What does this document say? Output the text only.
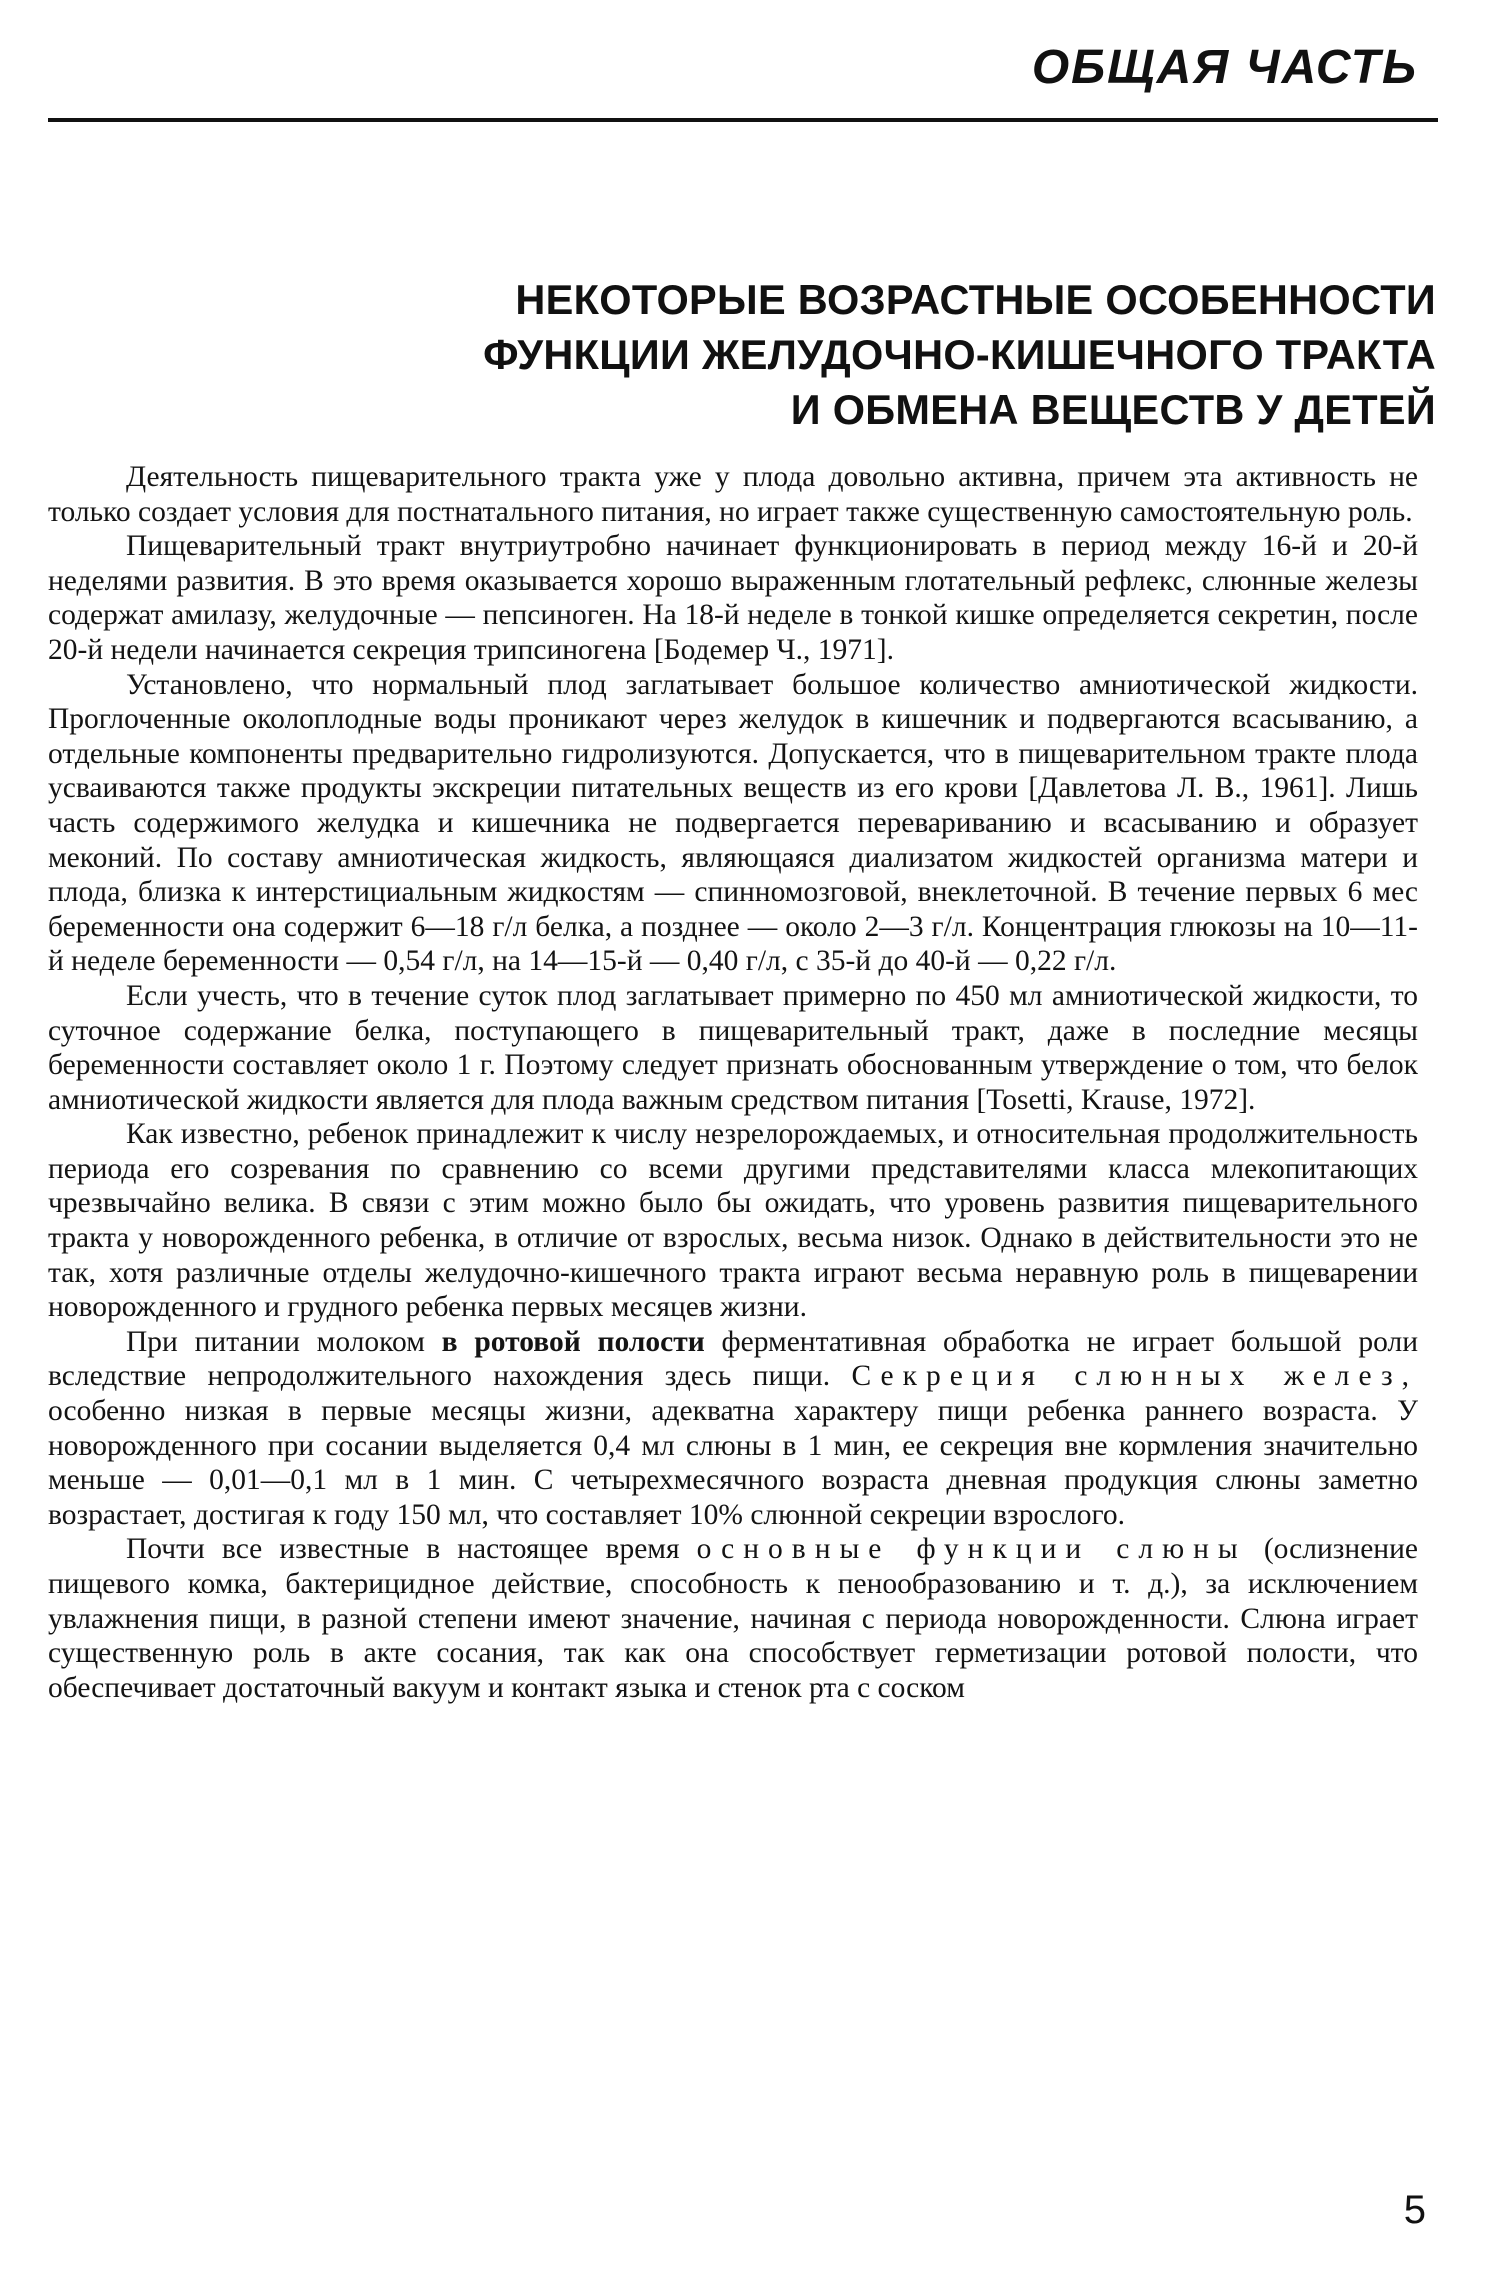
ОБЩАЯ ЧАСТЬ
НЕКОТОРЫЕ ВОЗРАСТНЫЕ ОСОБЕННОСТИ
ФУНКЦИИ ЖЕЛУДОЧНО-КИШЕЧНОГО ТРАКТА
И ОБМЕНА ВЕЩЕСТВ У ДЕТЕЙ

Деятельность пищеварительного тракта уже у плода довольно активна, причем эта активность не только создает условия для постнатального питания, но играет также существенную самостоятельную роль.

Пищеварительный тракт внутриутробно начинает функционировать в период между 16-й и 20-й неделями развития. В это время оказывается хорошо выраженным глотательный рефлекс, слюнные железы содержат амилазу, желудочные — пепсиноген. На 18-й неделе в тонкой кишке определяется секретин, после 20-й недели начинается секреция трипсиногена [Бодемер Ч., 1971].

Установлено, что нормальный плод заглатывает большое количество амниотической жидкости. Проглоченные околоплодные воды проникают через желудок в кишечник и подвергаются всасыванию, а отдельные компоненты предварительно гидролизуются. Допускается, что в пищеварительном тракте плода усваиваются также продукты экскреции питательных веществ из его крови [Давлетова Л. В., 1961]. Лишь часть содержимого желудка и кишечника не подвергается перевариванию и всасыванию и образует меконий. По составу амниотическая жидкость, являющаяся диализатом жидкостей организма матери и плода, близка к интерстициальным жидкостям — спинномозговой, внеклеточной. В течение первых 6 мес беременности она содержит 6—18 г/л белка, а позднее — около 2—3 г/л. Концентрация глюкозы на 10—11-й неделе беременности — 0,54 г/л, на 14—15-й — 0,40 г/л, с 35-й до 40-й — 0,22 г/л.

Если учесть, что в течение суток плод заглатывает примерно по 450 мл амниотической жидкости, то суточное содержание белка, поступающего в пищеварительный тракт, даже в последние месяцы беременности составляет около 1 г. Поэтому следует признать обоснованным утверждение о том, что белок амниотической жидкости является для плода важным средством питания [Tosetti, Krause, 1972].

Как известно, ребенок принадлежит к числу незрелорождаемых, и относительная продолжительность периода его созревания по сравнению со всеми другими представителями класса млекопитающих чрезвычайно велика. В связи с этим можно было бы ожидать, что уровень развития пищеварительного тракта у новорожденного ребенка, в отличие от взрослых, весьма низок. Однако в действительности это не так, хотя различные отделы желудочно-кишечного тракта играют весьма неравную роль в пищеварении новорожденного и грудного ребенка первых месяцев жизни.

При питании молоком в ротовой полости ферментативная обработка не играет большой роли вследствие непродолжительного нахождения здесь пищи. Секреция слюнных желез, особенно низкая в первые месяцы жизни, адекватна характеру пищи ребенка раннего возраста. У новорожденного при сосании выделяется 0,4 мл слюны в 1 мин, ее секреция вне кормления значительно меньше — 0,01—0,1 мл в 1 мин. С четырехмесячного возраста дневная продукция слюны заметно возрастает, достигая к году 150 мл, что составляет 10% слюнной секреции взрослого.

Почти все известные в настоящее время основные функции слюны (ослизнение пищевого комка, бактерицидное действие, способность к пенообразованию и т. д.), за исключением увлажнения пищи, в разной степени имеют значение, начиная с периода новорожденности. Слюна играет существенную роль в акте сосания, так как она способствует герметизации ротовой полости, что обеспечивает достаточный вакуум и контакт языка и стенок рта с соском

5
